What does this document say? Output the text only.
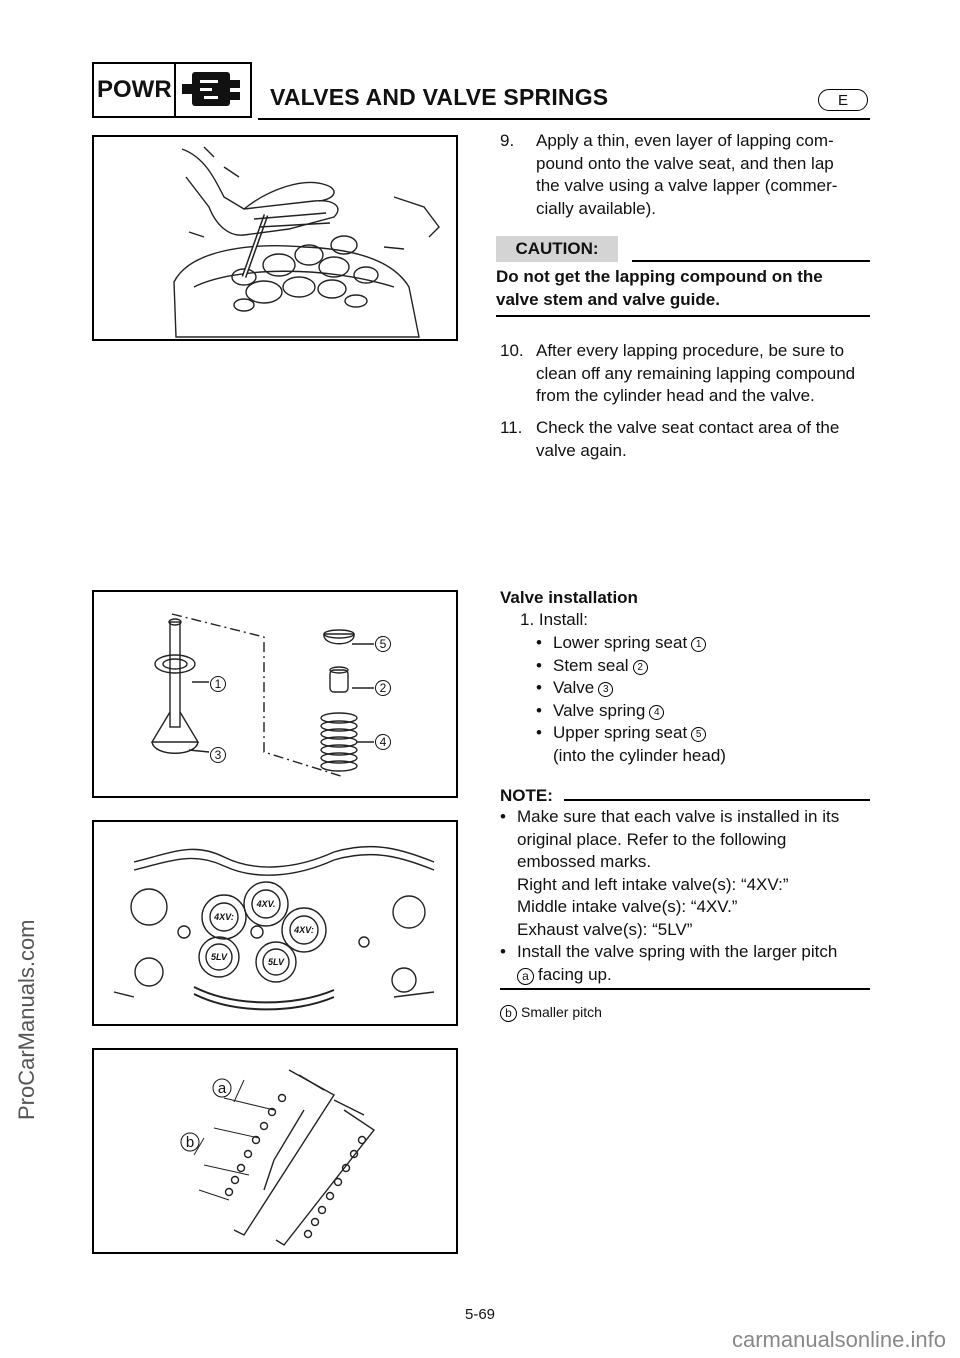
ProCarManuals.com
POWR	VALVES AND VALVE SPRINGS	E
9. Apply a thin, even layer of lapping com-
pound onto the valve seat, and then lap
the valve using a valve lapper (commer-
cially available).
CAUTION:
Do not get the lapping compound on the
valve stem and valve guide.
10. After every lapping procedure, be sure to
clean off any remaining lapping compound
from the cylinder head and the valve.
11. Check the valve seat contact area of the
valve again.
1	2
3
4
5
4XV:
4XV.
4XV:
5LV	5LV
a
b
Valve installation
1. Install:
• Lower spring seat 1
• Stem seal 2
• Valve 3
• Valve spring 4
• Upper spring seat 5
(into the cylinder head)
NOTE:
• Make sure that each valve is installed in its
original place. Refer to the following
embossed marks.
Right and left intake valve(s): “4XV:”
Middle intake valve(s): “4XV.”
Exhaust valve(s): “5LV”
• Install the valve spring with the larger pitch
a facing up.
b Smaller pitch
5-69
carmanualsonline.info
